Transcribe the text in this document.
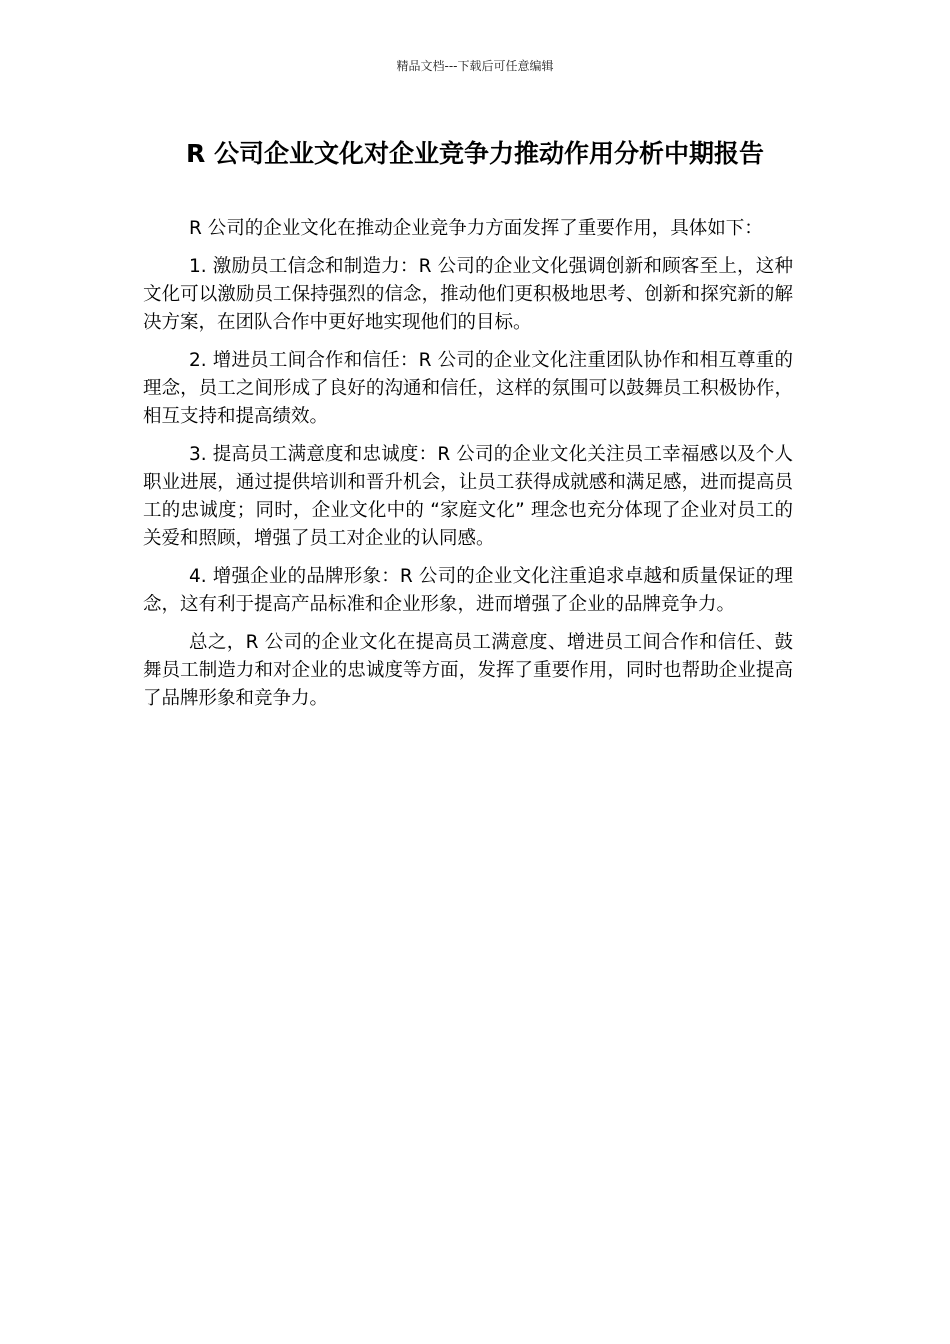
精品文档---下载后可任意编辑
R 公司企业文化对企业竞争力推动作用分析中期报告

R 公司的企业文化在推动企业竞争力方面发挥了重要作用，具体如下：

1. 激励员工信念和制造力：R 公司的企业文化强调创新和顾客至上，这种文化可以激励员工保持强烈的信念，推动他们更积极地思考、创新和探究新的解决方案，在团队合作中更好地实现他们的目标。

2. 增进员工间合作和信任：R 公司的企业文化注重团队协作和相互尊重的理念，员工之间形成了良好的沟通和信任，这样的氛围可以鼓舞员工积极协作，相互支持和提高绩效。

3. 提高员工满意度和忠诚度：R 公司的企业文化关注员工幸福感以及个人职业进展，通过提供培训和晋升机会，让员工获得成就感和满足感，进而提高员工的忠诚度；同时，企业文化中的 “家庭文化” 理念也充分体现了企业对员工的关爱和照顾，增强了员工对企业的认同感。

4. 增强企业的品牌形象：R 公司的企业文化注重追求卓越和质量保证的理念，这有利于提高产品标准和企业形象，进而增强了企业的品牌竞争力。

总之，R 公司的企业文化在提高员工满意度、增进员工间合作和信任、鼓舞员工制造力和对企业的忠诚度等方面，发挥了重要作用，同时也帮助企业提高了品牌形象和竞争力。
